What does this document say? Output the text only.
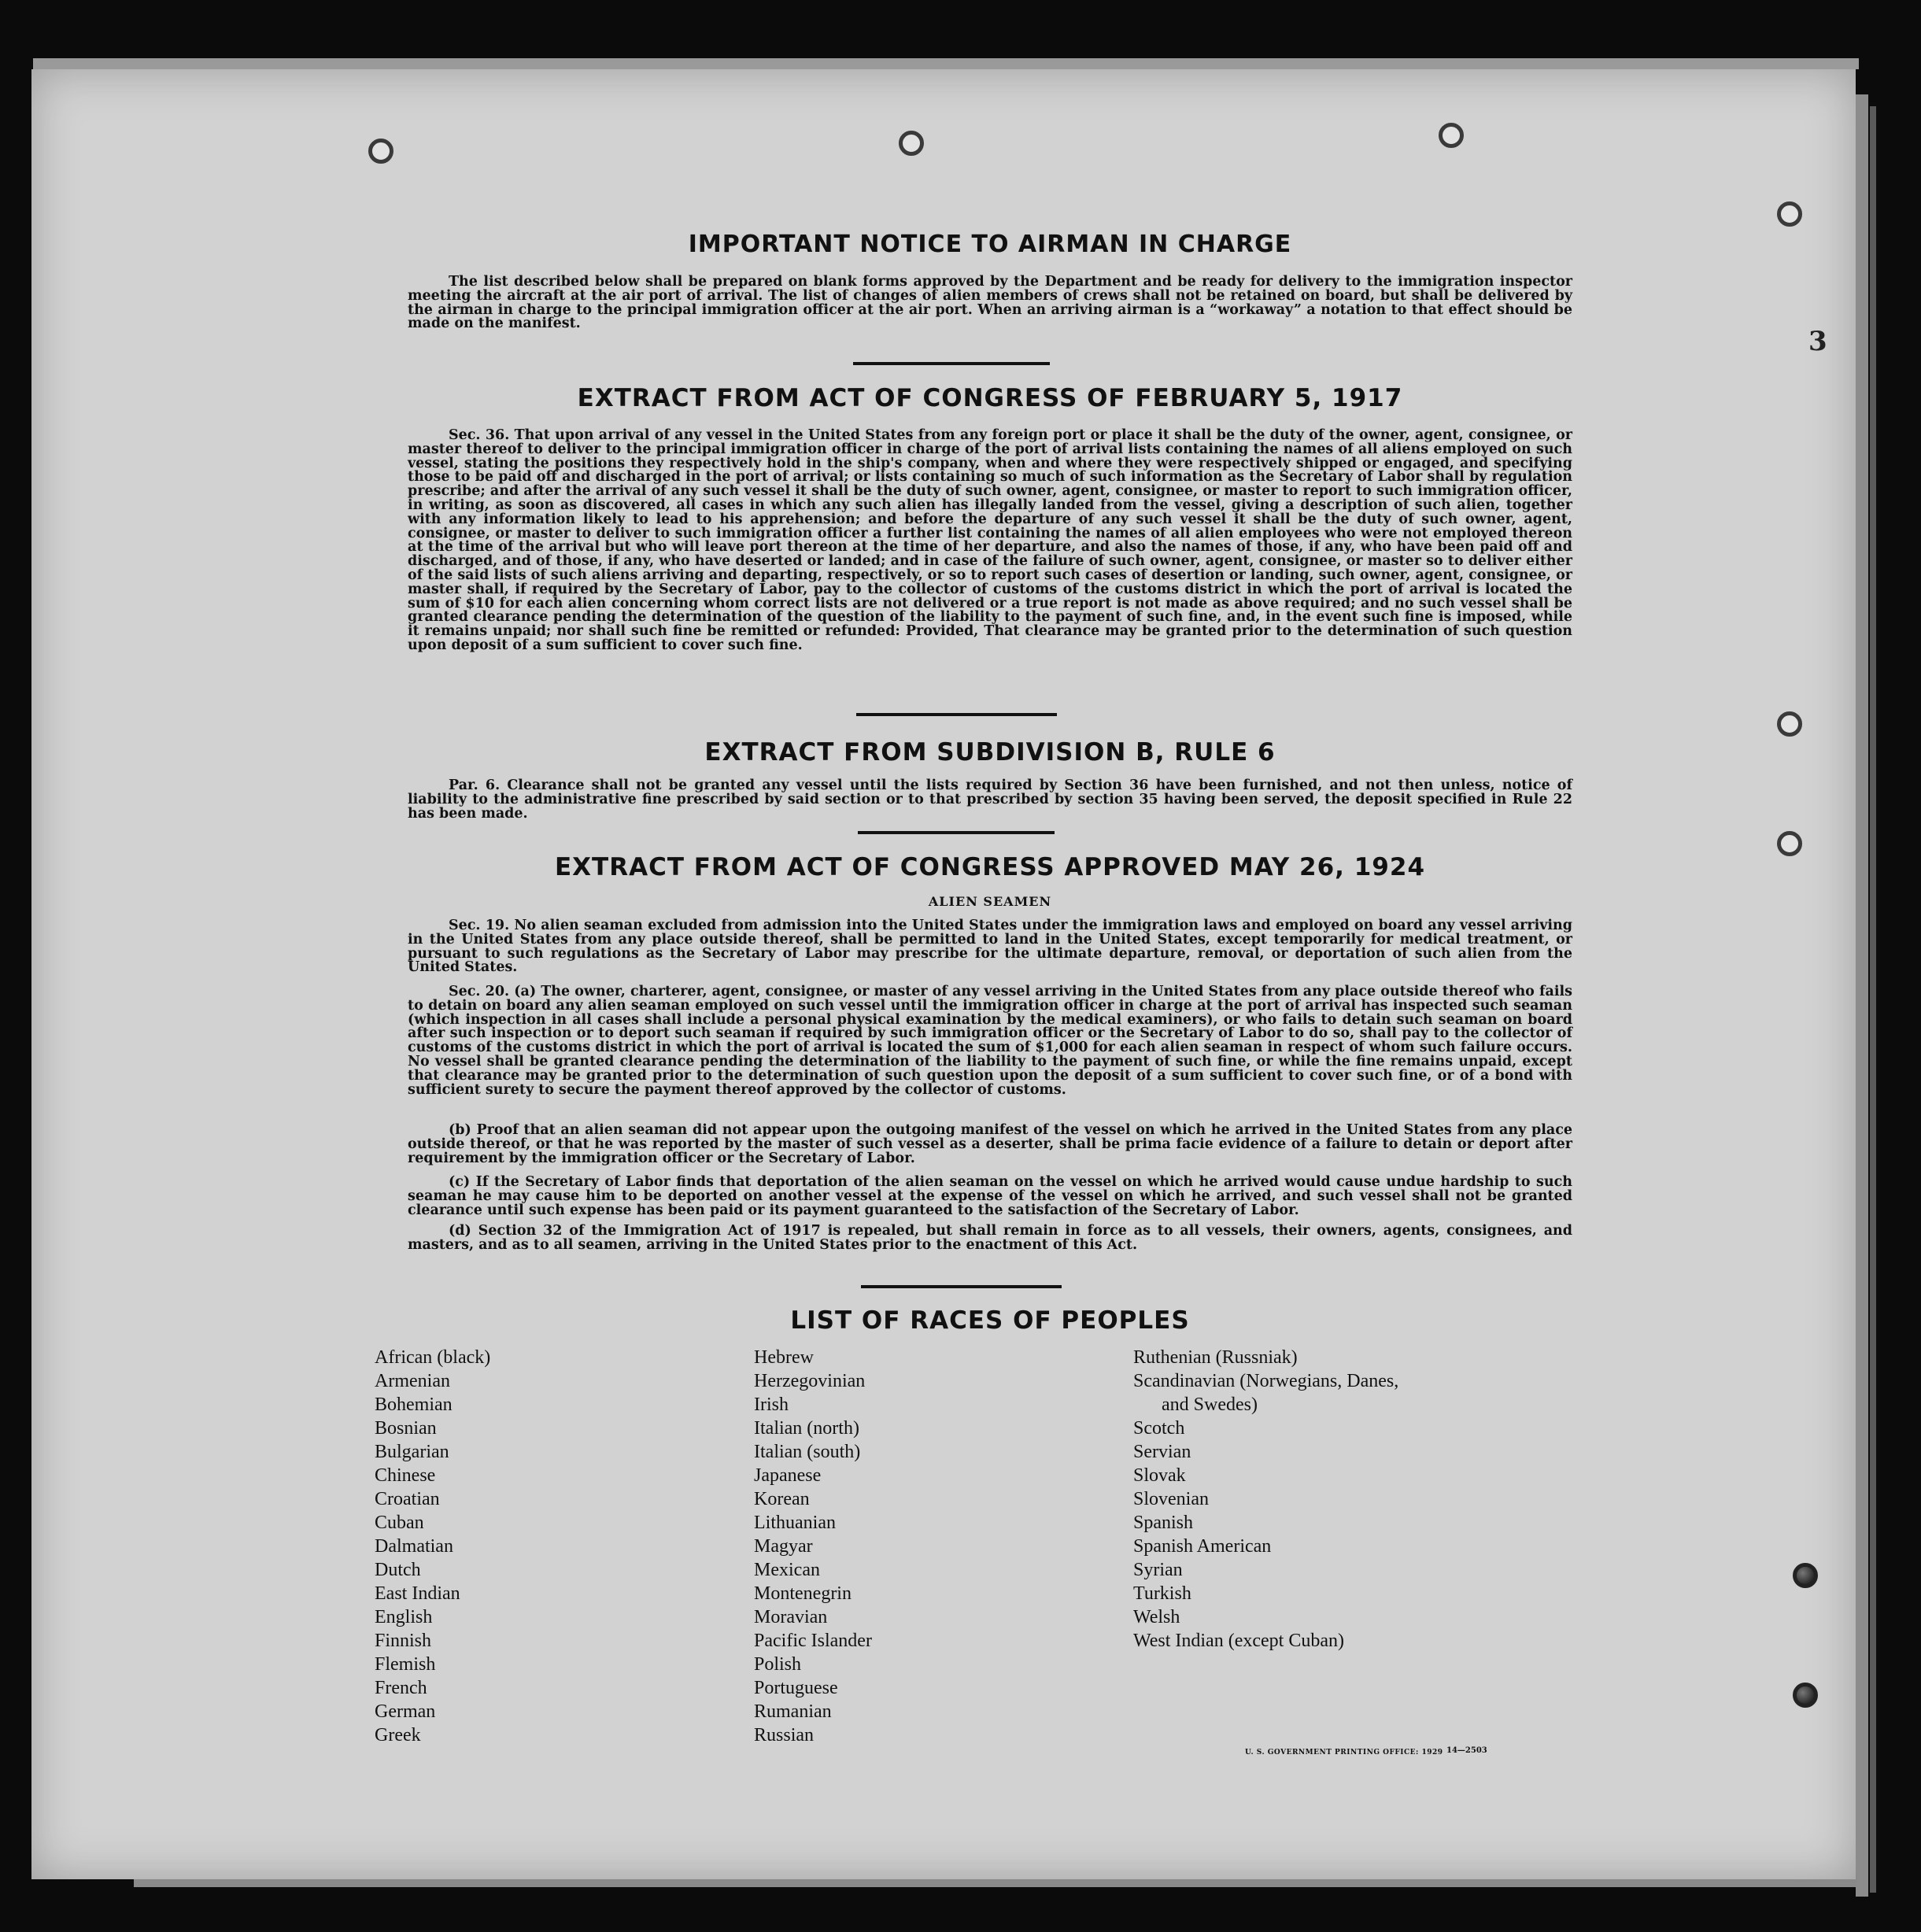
3
IMPORTANT NOTICE TO AIRMAN IN CHARGE

The list described below shall be prepared on blank forms approved by the Department and be ready for delivery to the immigration inspector meeting the aircraft at the air port of arrival. The list of changes of alien members of crews shall not be retained on board, but shall be delivered by the airman in charge to the principal immigration officer at the air port. When an arriving airman is a “workaway” a notation to that effect should be made on the manifest.

EXTRACT FROM ACT OF CONGRESS OF FEBRUARY 5, 1917

Sec. 36. That upon arrival of any vessel in the United States from any foreign port or place it shall be the duty of the owner, agent, consignee, or master thereof to deliver to the principal immigration officer in charge of the port of arrival lists containing the names of all aliens employed on such vessel, stating the positions they respectively hold in the ship's company, when and where they were respectively shipped or engaged, and specifying those to be paid off and discharged in the port of arrival; or lists containing so much of such information as the Secretary of Labor shall by regulation prescribe; and after the arrival of any such vessel it shall be the duty of such owner, agent, consignee, or master to report to such immigration officer, in writing, as soon as discovered, all cases in which any such alien has illegally landed from the vessel, giving a description of such alien, together with any information likely to lead to his apprehension; and before the departure of any such vessel it shall be the duty of such owner, agent, consignee, or master to deliver to such immigration officer a further list containing the names of all alien employees who were not employed thereon at the time of the arrival but who will leave port thereon at the time of her departure, and also the names of those, if any, who have been paid off and discharged, and of those, if any, who have deserted or landed; and in case of the failure of such owner, agent, consignee, or master so to deliver either of the said lists of such aliens arriving and departing, respectively, or so to report such cases of desertion or landing, such owner, agent, consignee, or master shall, if required by the Secretary of Labor, pay to the collector of customs of the customs district in which the port of arrival is located the sum of $10 for each alien concerning whom correct lists are not delivered or a true report is not made as above required; and no such vessel shall be granted clearance pending the determination of the question of the liability to the payment of such fine, and, in the event such fine is imposed, while it remains unpaid; nor shall such fine be remitted or refunded: Provided, That clearance may be granted prior to the determination of such question upon deposit of a sum sufficient to cover such fine.

EXTRACT FROM SUBDIVISION B, RULE 6

Par. 6. Clearance shall not be granted any vessel until the lists required by Section 36 have been furnished, and not then unless, notice of liability to the administrative fine prescribed by said section or to that prescribed by section 35 having been served, the deposit specified in Rule 22 has been made.

EXTRACT FROM ACT OF CONGRESS APPROVED MAY 26, 1924
ALIEN SEAMEN

Sec. 19. No alien seaman excluded from admission into the United States under the immigration laws and employed on board any vessel arriving in the United States from any place outside thereof, shall be permitted to land in the United States, except temporarily for medical treatment, or pursuant to such regulations as the Secretary of Labor may prescribe for the ultimate departure, removal, or deportation of such alien from the United States.

Sec. 20. (a) The owner, charterer, agent, consignee, or master of any vessel arriving in the United States from any place outside thereof who fails to detain on board any alien seaman employed on such vessel until the immigration officer in charge at the port of arrival has inspected such seaman (which inspection in all cases shall include a personal physical examination by the medical examiners), or who fails to detain such seaman on board after such inspection or to deport such seaman if required by such immigration officer or the Secretary of Labor to do so, shall pay to the collector of customs of the customs district in which the port of arrival is located the sum of $1,000 for each alien seaman in respect of whom such failure occurs. No vessel shall be granted clearance pending the determination of the liability to the payment of such fine, or while the fine remains unpaid, except that clearance may be granted prior to the determination of such question upon the deposit of a sum sufficient to cover such fine, or of a bond with sufficient surety to secure the payment thereof approved by the collector of customs.

(b) Proof that an alien seaman did not appear upon the outgoing manifest of the vessel on which he arrived in the United States from any place outside thereof, or that he was reported by the master of such vessel as a deserter, shall be prima facie evidence of a failure to detain or deport after requirement by the immigration officer or the Secretary of Labor.

(c) If the Secretary of Labor finds that deportation of the alien seaman on the vessel on which he arrived would cause undue hardship to such seaman he may cause him to be deported on another vessel at the expense of the vessel on which he arrived, and such vessel shall not be granted clearance until such expense has been paid or its payment guaranteed to the satisfaction of the Secretary of Labor.

(d) Section 32 of the Immigration Act of 1917 is repealed, but shall remain in force as to all vessels, their owners, agents, consignees, and masters, and as to all seamen, arriving in the United States prior to the enactment of this Act.

LIST OF RACES OF PEOPLES
African (black)
Armenian
Bohemian
Bosnian
Bulgarian
Chinese
Croatian
Cuban
Dalmatian
Dutch
East Indian
English
Finnish
Flemish
French
German
Greek
Hebrew
Herzegovinian
Irish
Italian (north)
Italian (south)
Japanese
Korean
Lithuanian
Magyar
Mexican
Montenegrin
Moravian
Pacific Islander
Polish
Portuguese
Rumanian
Russian
Ruthenian (Russniak)
Scandinavian (Norwegians, Danes,
and Swedes)
Scotch
Servian
Slovak
Slovenian
Spanish
Spanish American
Syrian
Turkish
Welsh
West Indian (except Cuban)
U. S. GOVERNMENT PRINTING OFFICE: 1929 14—2503
